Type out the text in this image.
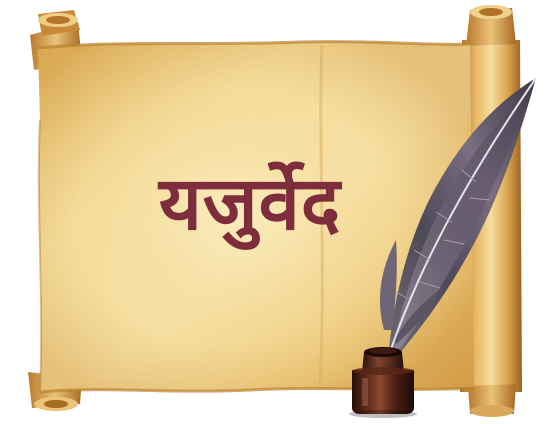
यजुर्वेद
